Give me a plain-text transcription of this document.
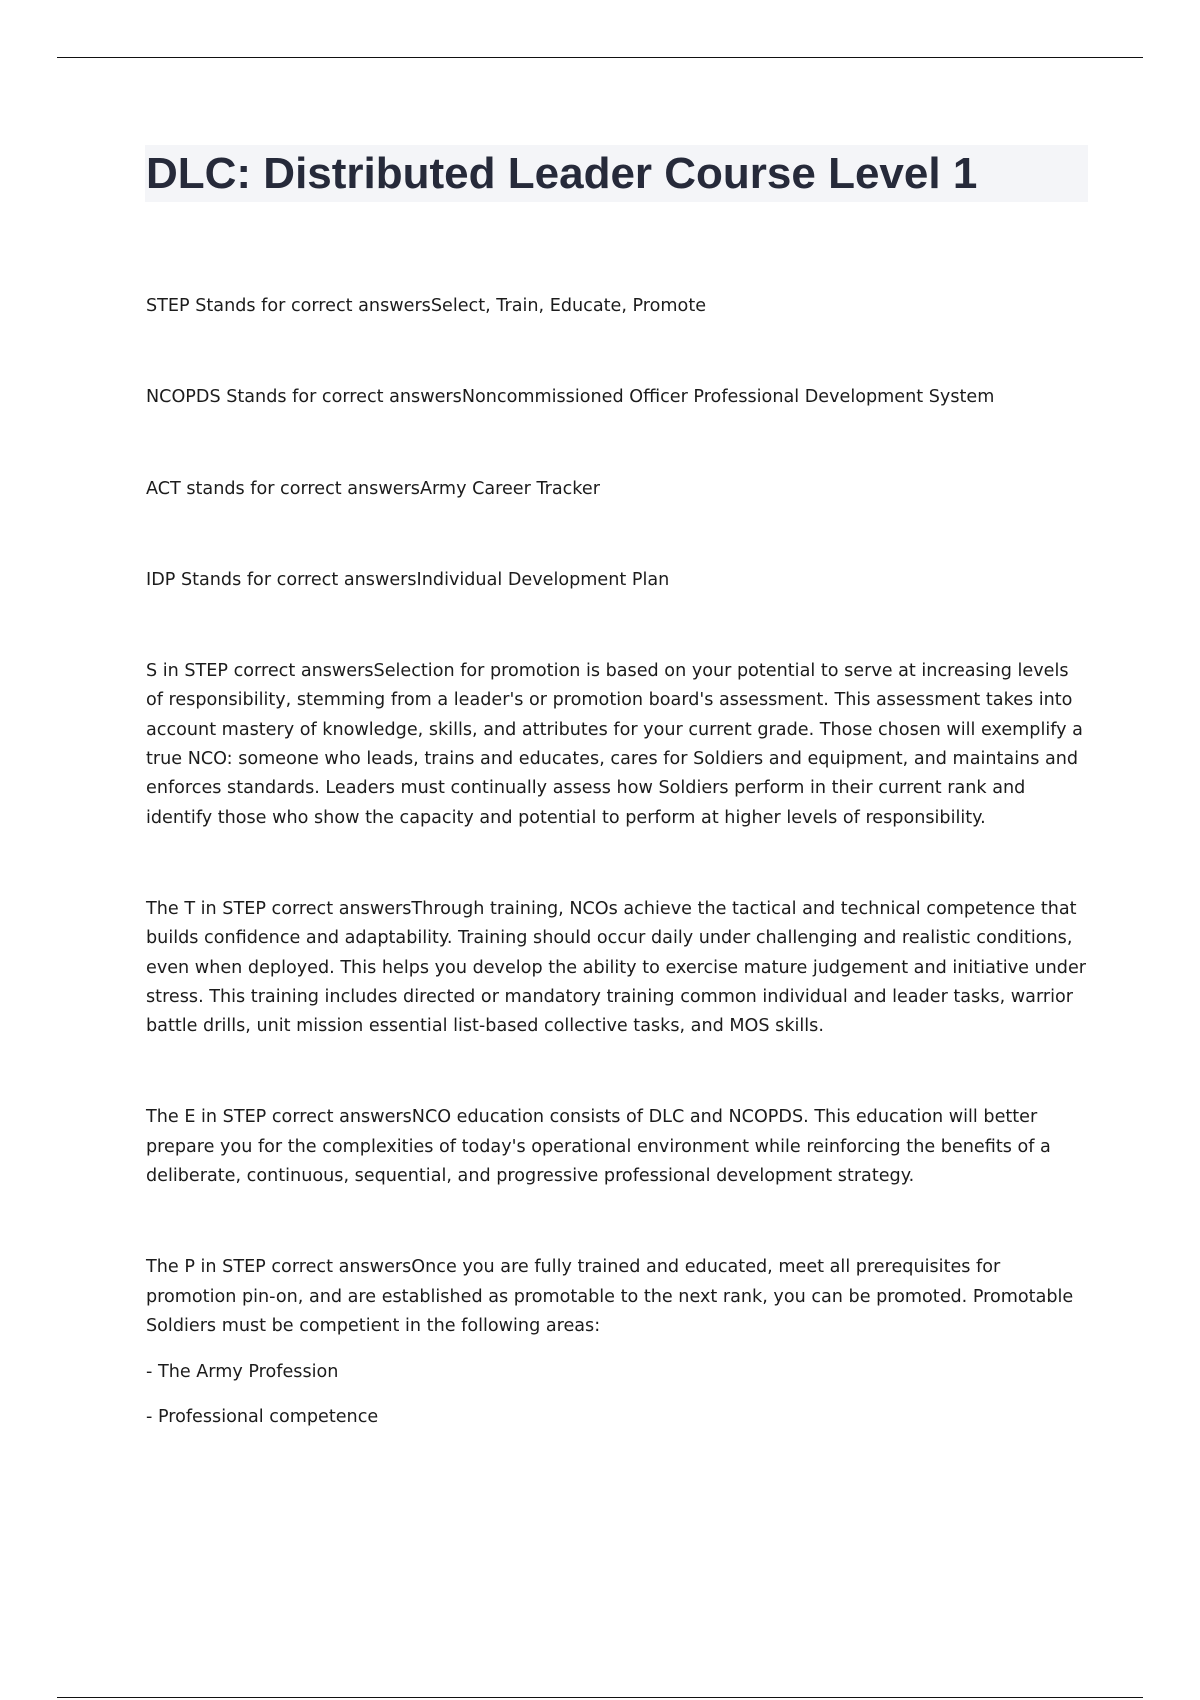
DLC: Distributed Leader Course Level 1

STEP Stands for correct answersSelect, Train, Educate, Promote

NCOPDS Stands for correct answersNoncommissioned Officer Professional Development System

ACT stands for correct answersArmy Career Tracker

IDP Stands for correct answersIndividual Development Plan

S in STEP correct answersSelection for promotion is based on your potential to serve at increasing levels of responsibility, stemming from a leader's or promotion board's assessment. This assessment takes into account mastery of knowledge, skills, and attributes for your current grade. Those chosen will exemplify a true NCO: someone who leads, trains and educates, cares for Soldiers and equipment, and maintains and enforces standards. Leaders must continually assess how Soldiers perform in their current rank and identify those who show the capacity and potential to perform at higher levels of responsibility.

The T in STEP correct answersThrough training, NCOs achieve the tactical and technical competence that builds confidence and adaptability. Training should occur daily under challenging and realistic conditions, even when deployed. This helps you develop the ability to exercise mature judgement and initiative under stress. This training includes directed or mandatory training common individual and leader tasks, warrior battle drills, unit mission essential list-based collective tasks, and MOS skills.

The E in STEP correct answersNCO education consists of DLC and NCOPDS. This education will better prepare you for the complexities of today's operational environment while reinforcing the benefits of a deliberate, continuous, sequential, and progressive professional development strategy.

The P in STEP correct answersOnce you are fully trained and educated, meet all prerequisites for promotion pin-on, and are established as promotable to the next rank, you can be promoted. Promotable Soldiers must be competient in the following areas:

- The Army Profession

- Professional competence
